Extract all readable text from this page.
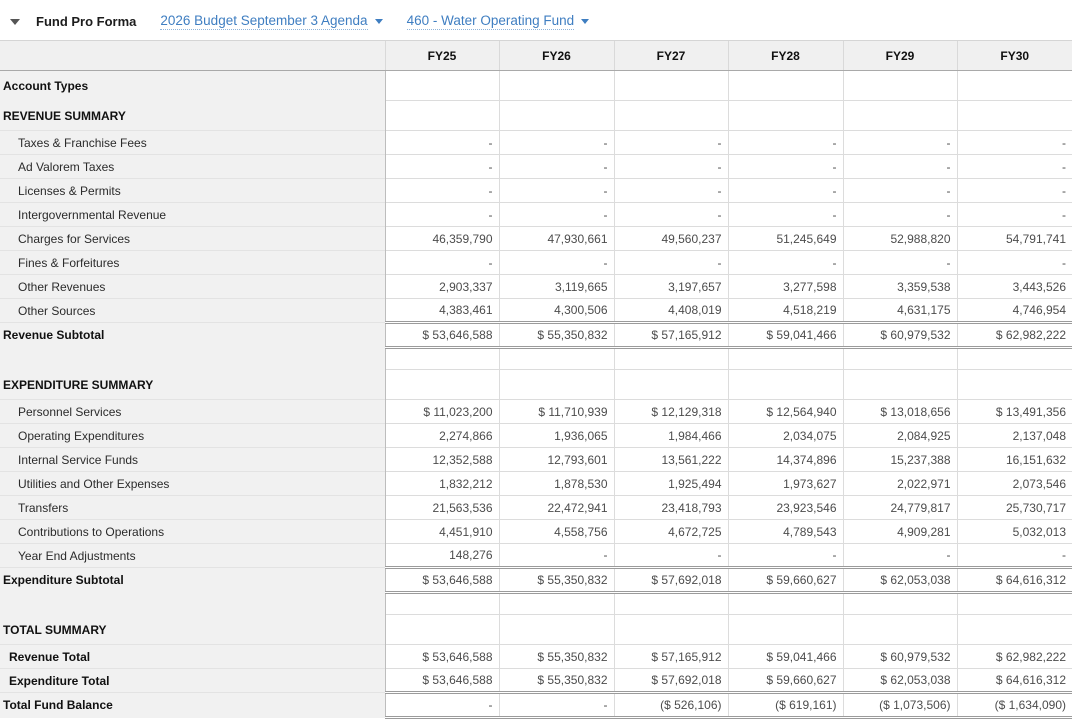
Fund Pro Forma 2026 Budget September 3 Agenda	460 - Water Operating Fund
	FY25	FY26	FY27	FY28	FY29	FY30
Account Types						
REVENUE SUMMARY						
Taxes & Franchise Fees	-	-	-	-	-	-
Ad Valorem Taxes	-	-	-	-	-	-
Licenses & Permits	-	-	-	-	-	-
Intergovernmental Revenue	-	-	-	-	-	-
Charges for Services	46,359,790	47,930,661	49,560,237	51,245,649	52,988,820	54,791,741
Fines & Forfeitures	-	-	-	-	-	-
Other Revenues	2,903,337	3,119,665	3,197,657	3,277,598	3,359,538	3,443,526
Other Sources	4,383,461	4,300,506	4,408,019	4,518,219	4,631,175	4,746,954
Revenue Subtotal	$ 53,646,588	$ 55,350,832	$ 57,165,912	$ 59,041,466	$ 60,979,532	$ 62,982,222

EXPENDITURE SUMMARY						
Personnel Services	$ 11,023,200	$ 11,710,939	$ 12,129,318	$ 12,564,940	$ 13,018,656	$ 13,491,356
Operating Expenditures	2,274,866	1,936,065	1,984,466	2,034,075	2,084,925	2,137,048
Internal Service Funds	12,352,588	12,793,601	13,561,222	14,374,896	15,237,388	16,151,632
Utilities and Other Expenses	1,832,212	1,878,530	1,925,494	1,973,627	2,022,971	2,073,546
Transfers	21,563,536	22,472,941	23,418,793	23,923,546	24,779,817	25,730,717
Contributions to Operations	4,451,910	4,558,756	4,672,725	4,789,543	4,909,281	5,032,013
Year End Adjustments	148,276	-	-	-	-	-
Expenditure Subtotal	$ 53,646,588	$ 55,350,832	$ 57,692,018	$ 59,660,627	$ 62,053,038	$ 64,616,312

TOTAL SUMMARY						
Revenue Total	$ 53,646,588	$ 55,350,832	$ 57,165,912	$ 59,041,466	$ 60,979,532	$ 62,982,222
Expenditure Total	$ 53,646,588	$ 55,350,832	$ 57,692,018	$ 59,660,627	$ 62,053,038	$ 64,616,312
Total Fund Balance	-	-	($ 526,106)	($ 619,161)	($ 1,073,506)	($ 1,634,090)
